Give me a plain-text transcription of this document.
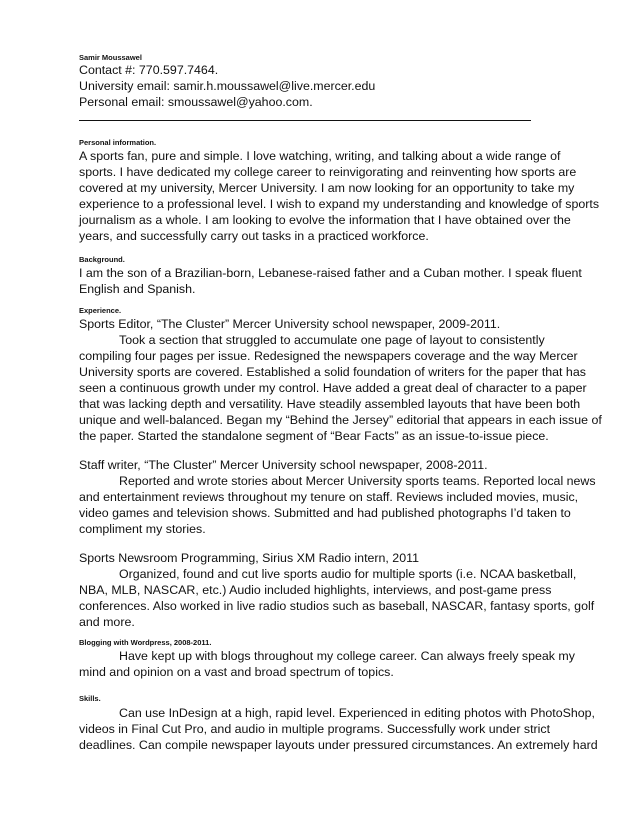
Samir Moussawel
Contact #: 770.597.7464.
University email: samir.h.moussawel@live.mercer.edu
Personal email: smoussawel@yahoo.com.
Personal information.
A sports fan, pure and simple. I love watching, writing, and talking about a wide range of
sports. I have dedicated my college career to reinvigorating and reinventing how sports are
covered at my university, Mercer University. I am now looking for an opportunity to take my
experience to a professional level. I wish to expand my understanding and knowledge of sports
journalism as a whole. I am looking to evolve the information that I have obtained over the
years, and successfully carry out tasks in a practiced workforce.
Background.
I am the son of a Brazilian-born, Lebanese-raised father and a Cuban mother. I speak fluent
English and Spanish.
Experience.
Sports Editor, “The Cluster” Mercer University school newspaper, 2009-2011.
Took a section that struggled to accumulate one page of layout to consistently
compiling four pages per issue. Redesigned the newspapers coverage and the way Mercer
University sports are covered. Established a solid foundation of writers for the paper that has
seen a continuous growth under my control. Have added a great deal of character to a paper
that was lacking depth and versatility. Have steadily assembled layouts that have been both
unique and well-balanced. Began my “Behind the Jersey” editorial that appears in each issue of
the paper. Started the standalone segment of “Bear Facts” as an issue-to-issue piece.
Staff writer, “The Cluster” Mercer University school newspaper, 2008-2011.
Reported and wrote stories about Mercer University sports teams. Reported local news
and entertainment reviews throughout my tenure on staff. Reviews included movies, music,
video games and television shows. Submitted and had published photographs I’d taken to
compliment my stories.
Sports Newsroom Programming, Sirius XM Radio intern, 2011
Organized, found and cut live sports audio for multiple sports (i.e. NCAA basketball,
NBA, MLB, NASCAR, etc.) Audio included highlights, interviews, and post-game press
conferences. Also worked in live radio studios such as baseball, NASCAR, fantasy sports, golf
and more.
Blogging with Wordpress, 2008-2011.
Have kept up with blogs throughout my college career. Can always freely speak my
mind and opinion on a vast and broad spectrum of topics.
Skills.
Can use InDesign at a high, rapid level. Experienced in editing photos with PhotoShop,
videos in Final Cut Pro, and audio in multiple programs. Successfully work under strict
deadlines. Can compile newspaper layouts under pressured circumstances. An extremely hard
